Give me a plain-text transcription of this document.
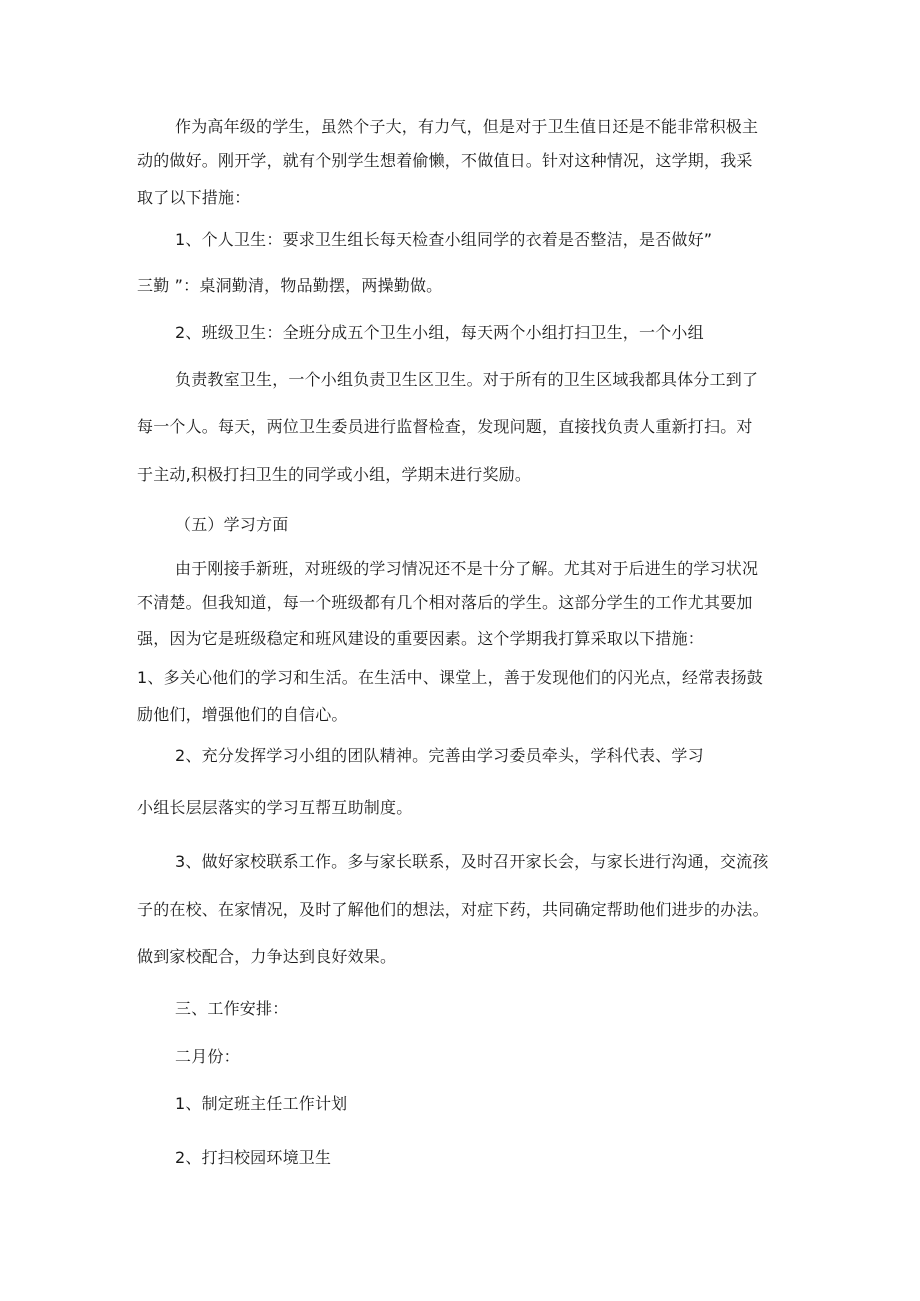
作为高年级的学生，虽然个子大，有力气，但是对于卫生值日还是不能非常积极主
动的做好。刚开学，就有个别学生想着偷懒，不做值日。针对这种情况，这学期，我采
取了以下措施：
1、个人卫生：要求卫生组长每天检查小组同学的衣着是否整洁，是否做好”
三勤 ”：桌洞勤清，物品勤摆，两操勤做。
2、班级卫生：全班分成五个卫生小组，每天两个小组打扫卫生，一个小组
负责教室卫生，一个小组负责卫生区卫生。对于所有的卫生区域我都具体分工到了
每一个人。每天，两位卫生委员进行监督检查，发现问题，直接找负责人重新打扫。对
于主动,积极打扫卫生的同学或小组，学期末进行奖励。
（五）学习方面
由于刚接手新班，对班级的学习情况还不是十分了解。尤其对于后进生的学习状况
不清楚。但我知道，每一个班级都有几个相对落后的学生。这部分学生的工作尤其要加
强，因为它是班级稳定和班风建设的重要因素。这个学期我打算采取以下措施：
1、多关心他们的学习和生活。在生活中、课堂上，善于发现他们的闪光点，经常表扬鼓
励他们，增强他们的自信心。
2、充分发挥学习小组的团队精神。完善由学习委员牵头，学科代表、学习
小组长层层落实的学习互帮互助制度。
3、做好家校联系工作。多与家长联系，及时召开家长会，与家长进行沟通，交流孩
子的在校、在家情况，及时了解他们的想法，对症下药，共同确定帮助他们进步的办法。
做到家校配合，力争达到良好效果。
三、工作安排：
二月份：
1、制定班主任工作计划
2、打扫校园环境卫生
